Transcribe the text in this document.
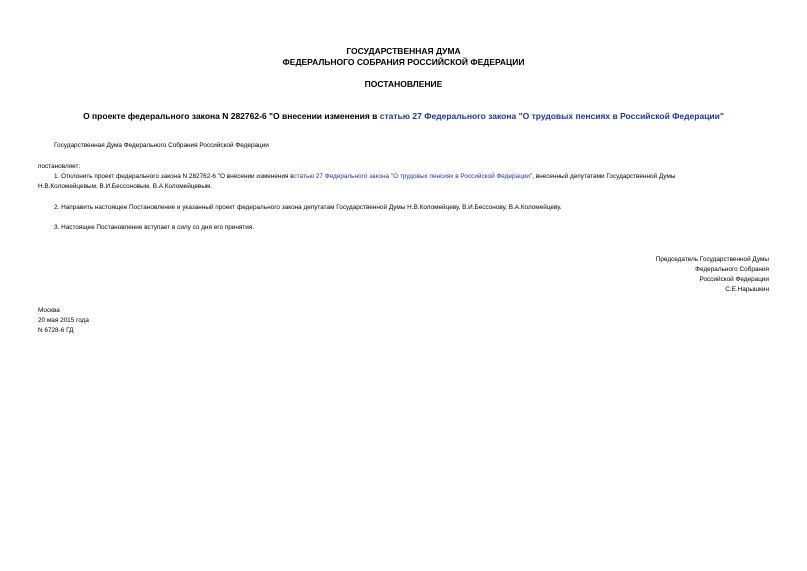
ГОСУДАРСТВЕННАЯ ДУМА
ФЕДЕРАЛЬНОГО СОБРАНИЯ РОССИЙСКОЙ ФЕДЕРАЦИИ
ПОСТАНОВЛЕНИЕ
О проекте федерального закона N 282762-6 "О внесении изменения в статью 27 Федерального закона "О трудовых пенсиях в Российской Федерации"
Государственная Дума Федерального Собрания Российской Федерации
постановляет:
1. Отклонить проект федерального закона N 282762-6 "О внесении изменения встатью 27 Федерального закона "О трудовых пенсиях в Российской Федерации", внесенный депутатами Государственной Думы
Н.В.Коломейцевым, В.И.Бессоновым, В.А.Коломейцевым.
2. Направить настоящее Постановление и указанный проект федерального закона депутатам Государственной Думы Н.В.Коломейцеву, В.И.Бессонову, В.А.Коломейцеву.
3. Настоящее Постановление вступает в силу со дня его принятия.
Председатель Государственной Думы
Федерального Собрания
Российской Федерации
С.Е.Нарышкин
Москва
20 мая 2015 года
N 6728-6 ГД
